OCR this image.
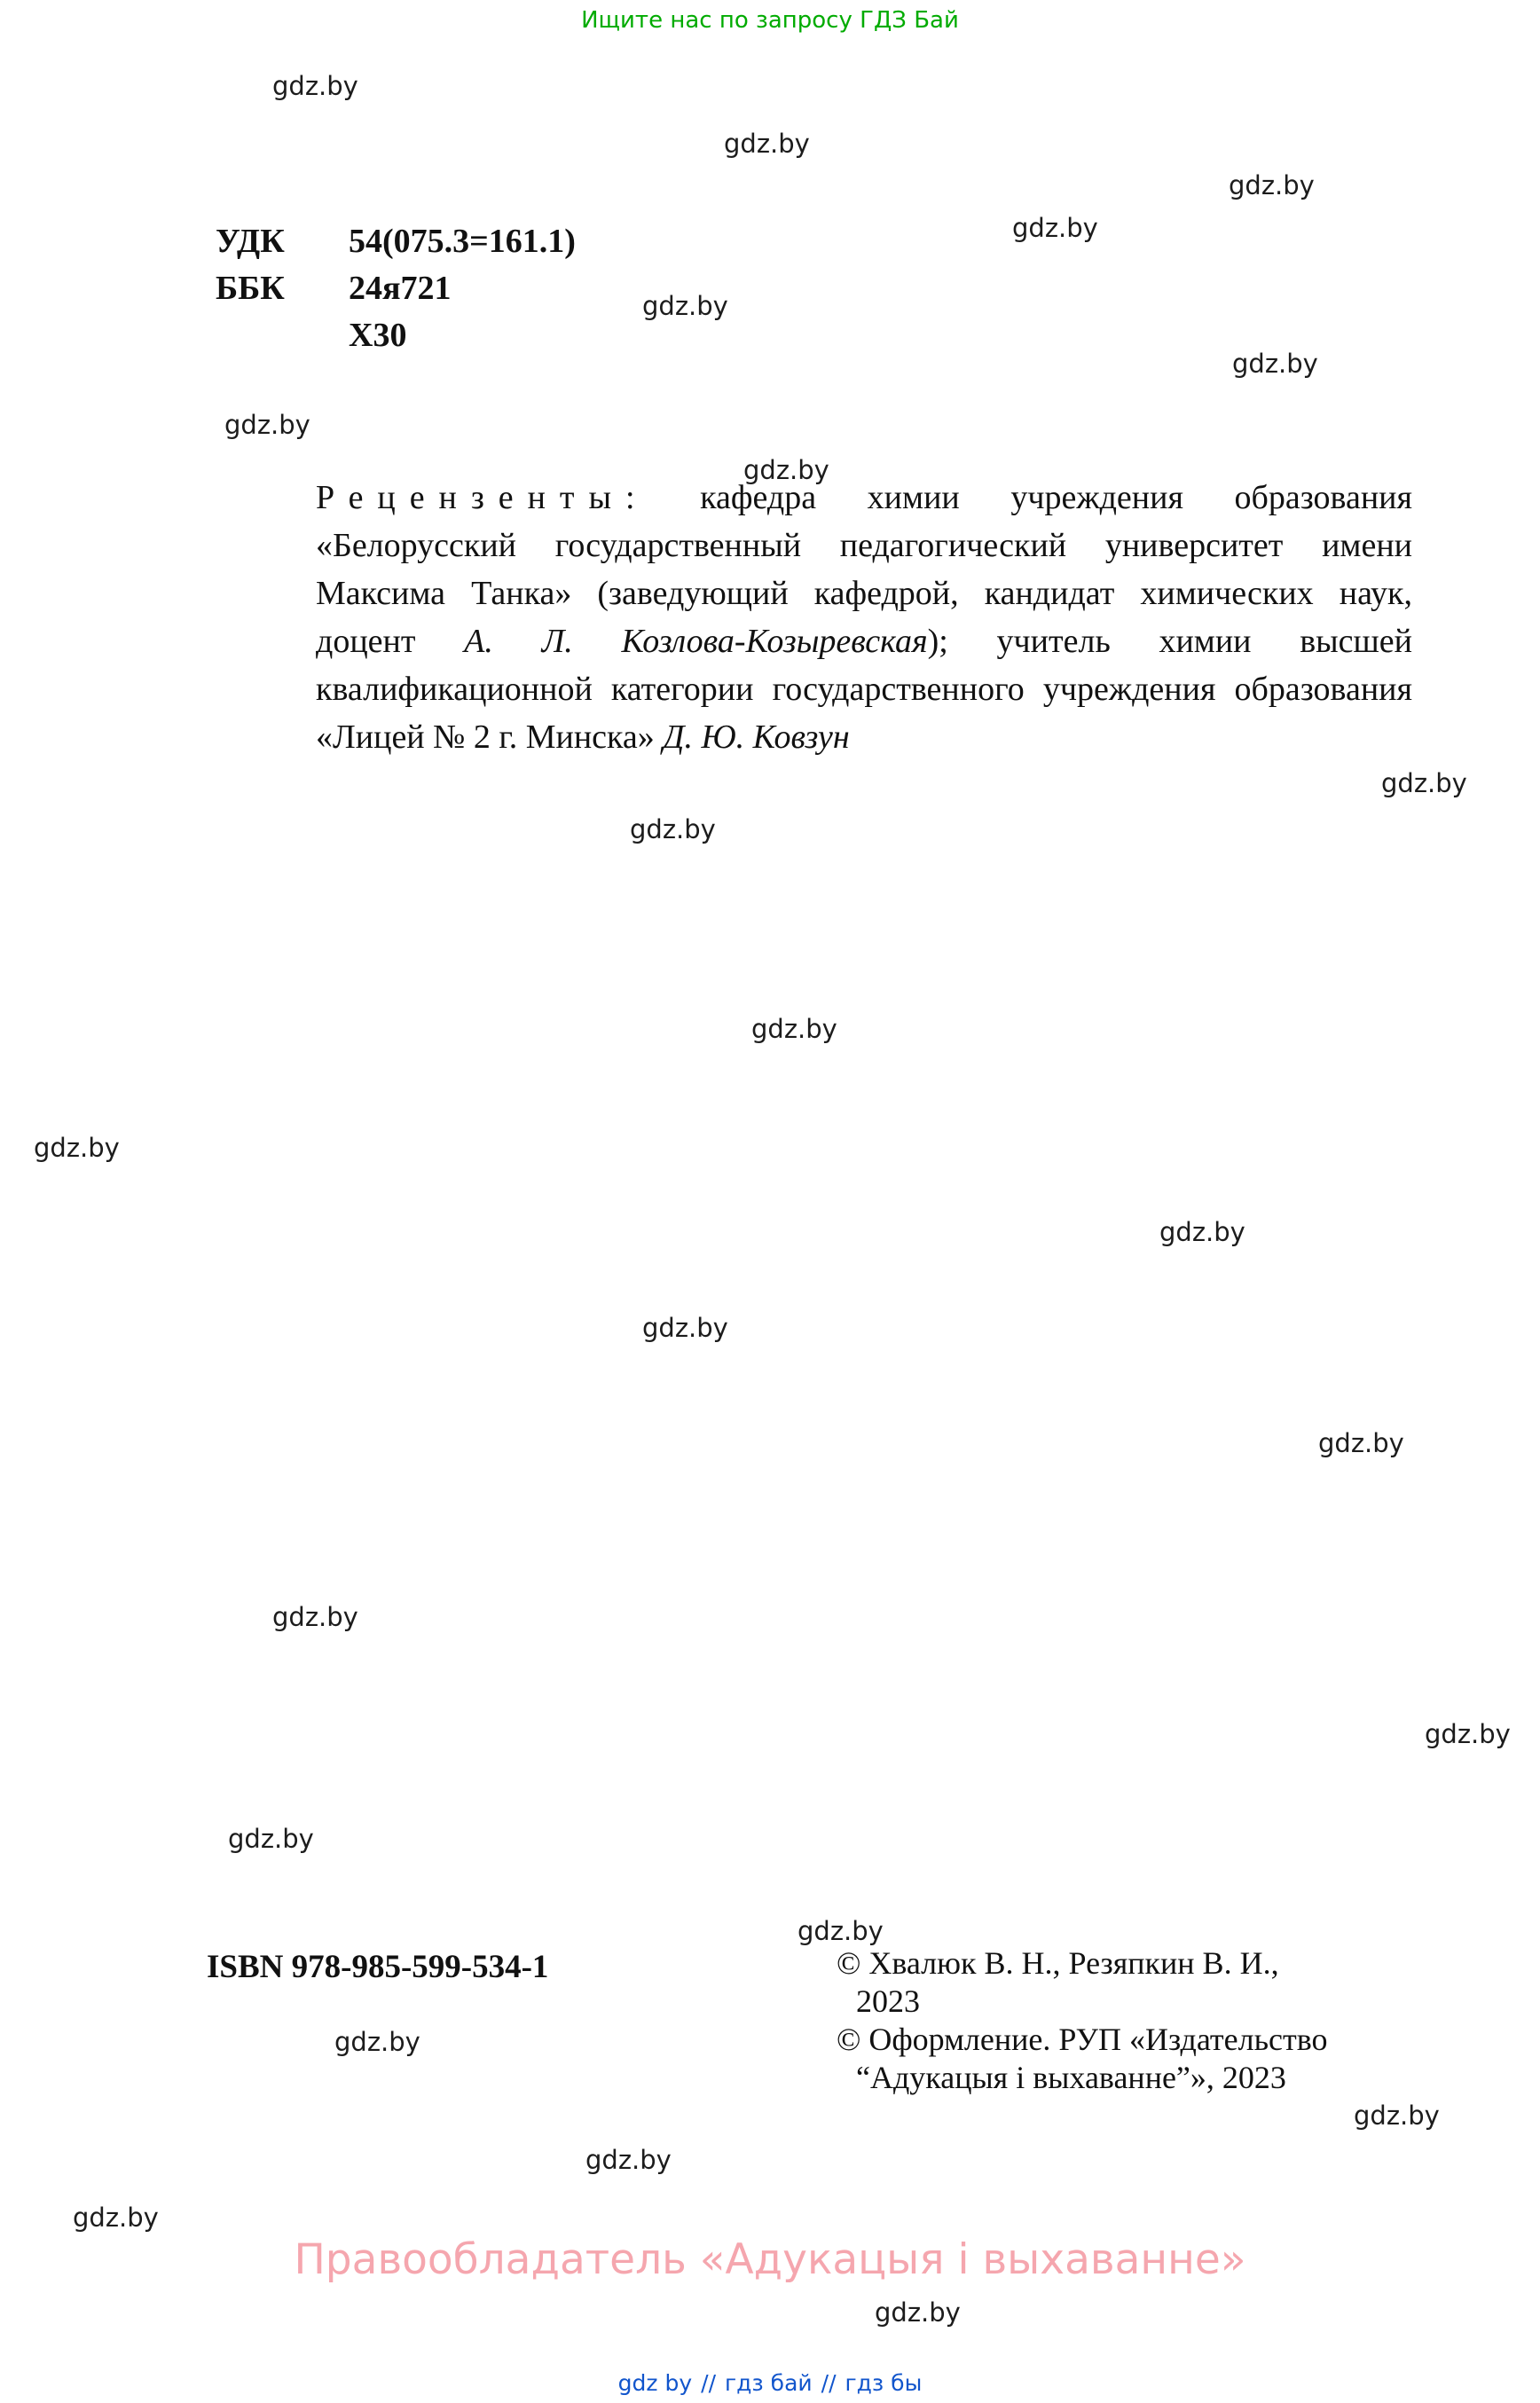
Ищите нас по запросу ГДЗ Бай
УДК	54(075.3=161.1)
ББК	24я721
Х30

Рецензенты: кафедра химии учреждения образования «Белорусский государственный педагогический университет имени Максима Танка» (заведующий кафедрой, кандидат химических наук, доцент А. Л. Козлова-Козыревская); учитель химии высшей квалификационной категории государственного учреждения образования «Лицей № 2 г. Минска» Д. Ю. Ковзун

ISBN 978-985-599-534-1	© Хвалюк В. Н., Резяпкин В. И.,
2023
© Оформление. РУП «Издательство
“Адукацыя і выхаванне”», 2023
Правообладатель «Адукацыя і выхаванне»
gdz by // гдз бай // гдз бы
gdz.by
gdz.by
gdz.by
gdz.by
gdz.by
gdz.by
gdz.by
gdz.by
gdz.by
gdz.by
gdz.by
gdz.by
gdz.by
gdz.by
gdz.by
gdz.by
gdz.by
gdz.by
gdz.by
gdz.by
gdz.by
gdz.by
gdz.by
gdz.by
